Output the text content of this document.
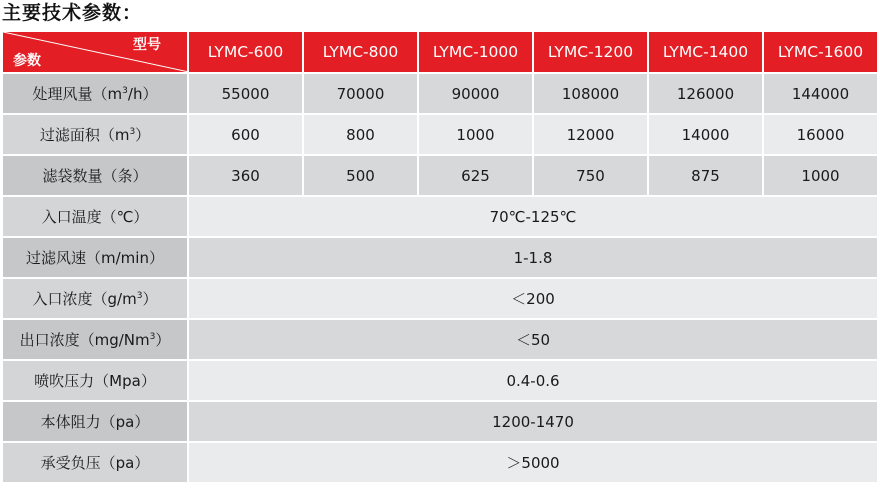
主要技术参数：
型号
参数	LYMC-600	LYMC-800	LYMC-1000	LYMC-1200	LYMC-1400	LYMC-1600
处理风量$(m^3/h)$	55000	70000	90000	108000	126000	144000
过滤面积$(m^3)$	600	800	1000	12000	14000	16000
滤袋数量（条）	360	500	625	750	875	1000
入口温度（℃）	70℃-125℃					
过滤风速（m/min）	1-1.8					
入口浓度$(g/m^3)$	＜200					
出口浓度$(mg/Nm^3)$	＜50					
喷吹压力（Mpa）	0.4-0.6					
本体阻力（pa）	1200-1470					
承受负压（pa）	＞5000					
